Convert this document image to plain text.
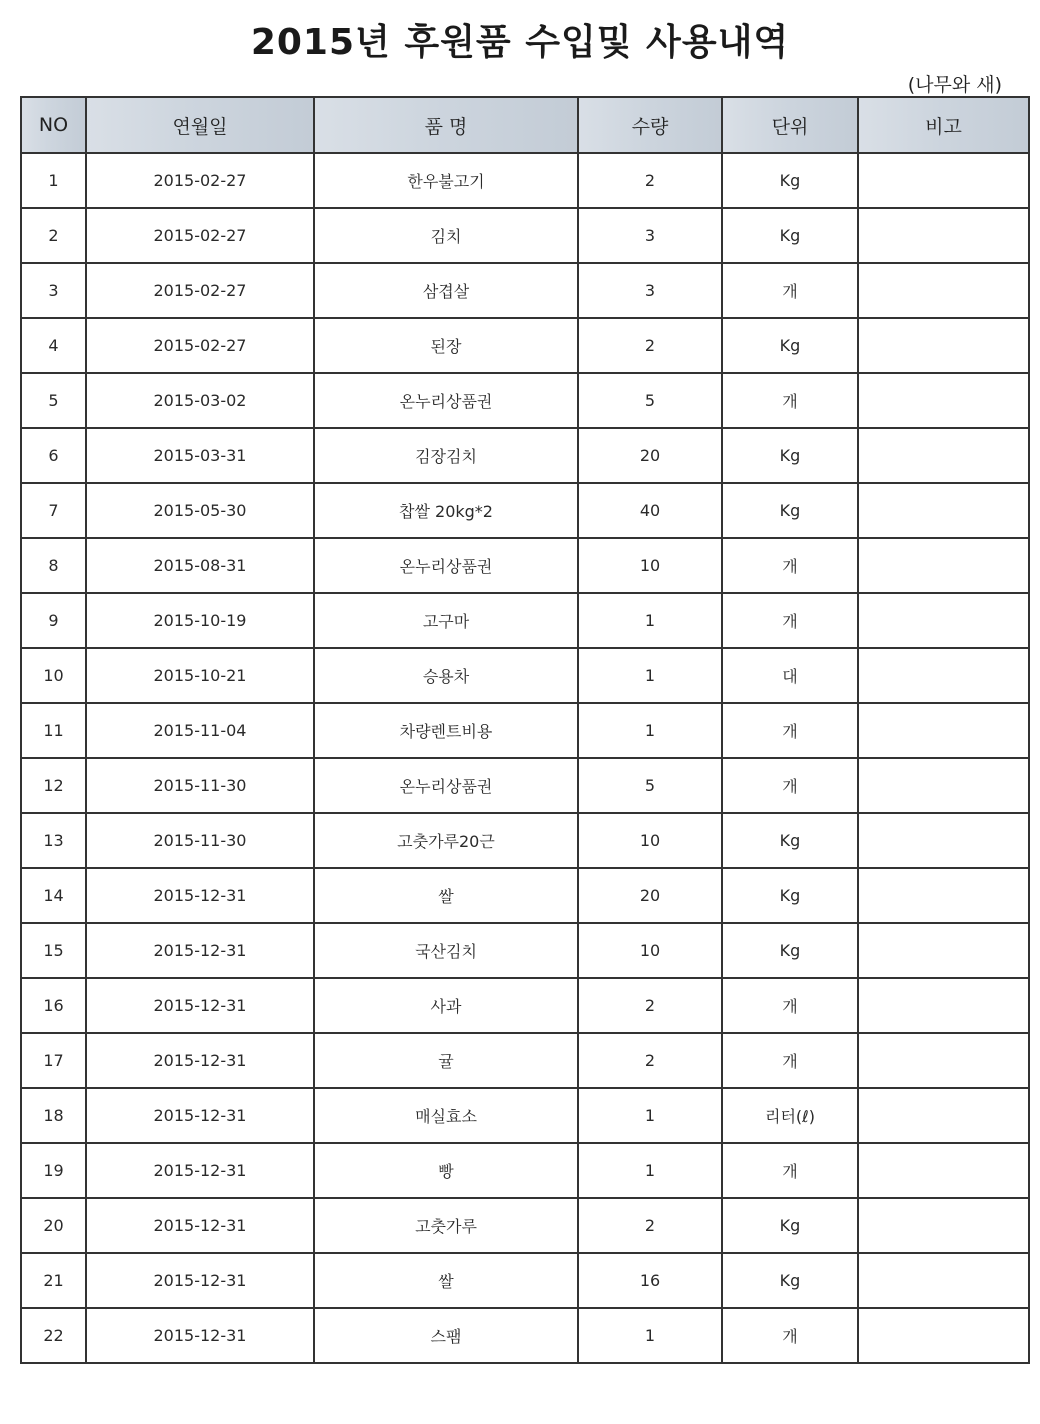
2015년 후원품 수입및 사용내역
(나무와 새)
NO	연월일	품 명	수량	단위	비고
1	2015-02-27	한우불고기	2	Kg	
2	2015-02-27	김치	3	Kg	
3	2015-02-27	삼겹살	3	개	
4	2015-02-27	된장	2	Kg	
5	2015-03-02	온누리상품권	5	개	
6	2015-03-31	김장김치	20	Kg	
7	2015-05-30	찹쌀 20kg*2	40	Kg	
8	2015-08-31	온누리상품권	10	개	
9	2015-10-19	고구마	1	개	
10	2015-10-21	승용차	1	대	
11	2015-11-04	차량렌트비용	1	개	
12	2015-11-30	온누리상품권	5	개	
13	2015-11-30	고춧가루20근	10	Kg	
14	2015-12-31	쌀	20	Kg	
15	2015-12-31	국산김치	10	Kg	
16	2015-12-31	사과	2	개	
17	2015-12-31	귤	2	개	
18	2015-12-31	매실효소	1	리터(ℓ)	
19	2015-12-31	빵	1	개	
20	2015-12-31	고춧가루	2	Kg	
21	2015-12-31	쌀	16	Kg	
22	2015-12-31	스팸	1	개	
